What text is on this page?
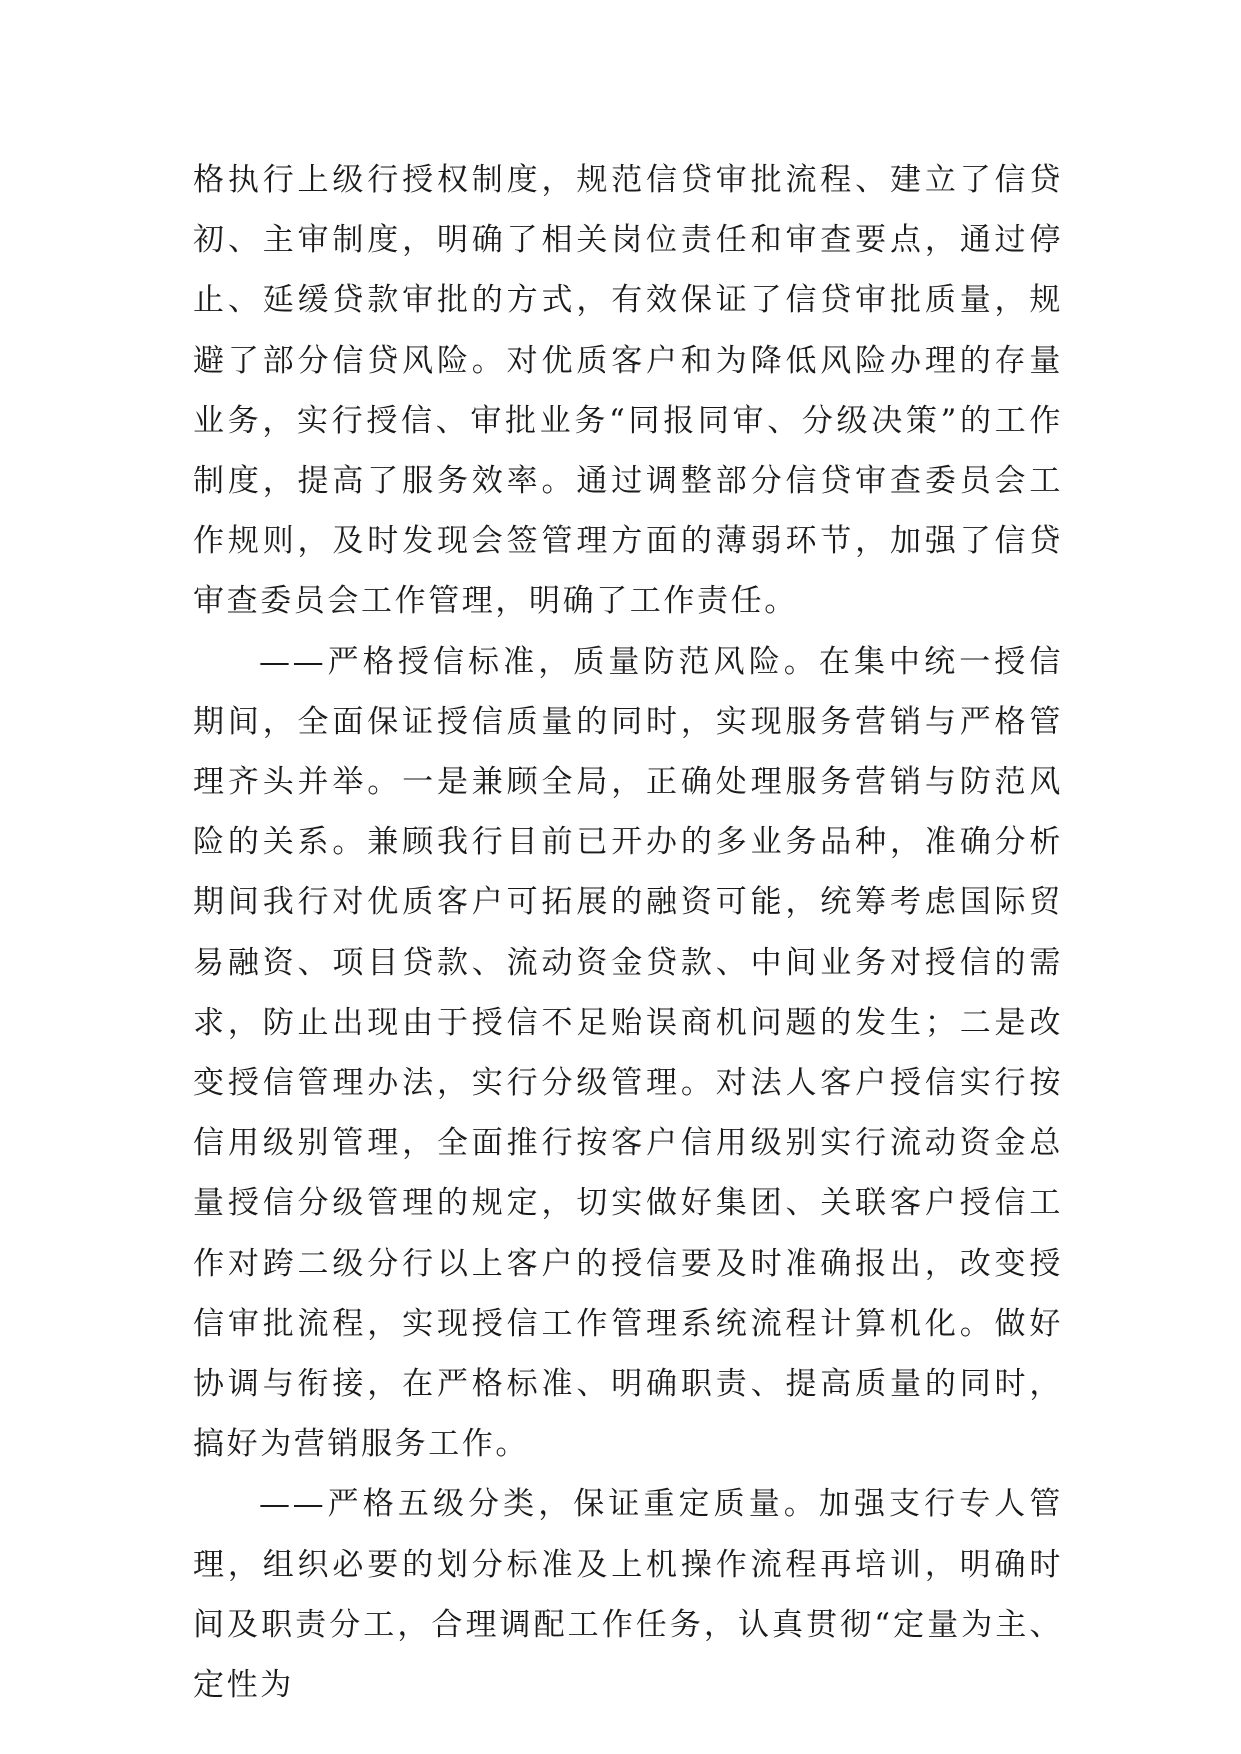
格执行上级行授权制度，规范信贷审批流程、建立了信贷初、主审制度，明确了相关岗位责任和审查要点，通过停止、延缓贷款审批的方式，有效保证了信贷审批质量，规避了部分信贷风险。对优质客户和为降低风险办理的存量业务，实行授信、审批业务“同报同审、分级决策”的工作制度，提高了服务效率。通过调整部分信贷审查委员会工作规则，及时发现会签管理方面的薄弱环节，加强了信贷审查委员会工作管理，明确了工作责任。

——严格授信标准，质量防范风险。在集中统一授信期间，全面保证授信质量的同时，实现服务营销与严格管理齐头并举。一是兼顾全局，正确处理服务营销与防范风险的关系。兼顾我行目前已开办的多业务品种，准确分析期间我行对优质客户可拓展的融资可能，统筹考虑国际贸易融资、项目贷款、流动资金贷款、中间业务对授信的需求，防止出现由于授信不足贻误商机问题的发生；二是改变授信管理办法，实行分级管理。对法人客户授信实行按信用级别管理，全面推行按客户信用级别实行流动资金总量授信分级管理的规定，切实做好集团、关联客户授信工作对跨二级分行以上客户的授信要及时准确报出，改变授信审批流程，实现授信工作管理系统流程计算机化。做好协调与衔接，在严格标准、明确职责、提高质量的同时，搞好为营销服务工作。

——严格五级分类，保证重定质量。加强支行专人管理，组织必要的划分标准及上机操作流程再培训，明确时间及职责分工，合理调配工作任务，认真贯彻“定量为主、定性为
